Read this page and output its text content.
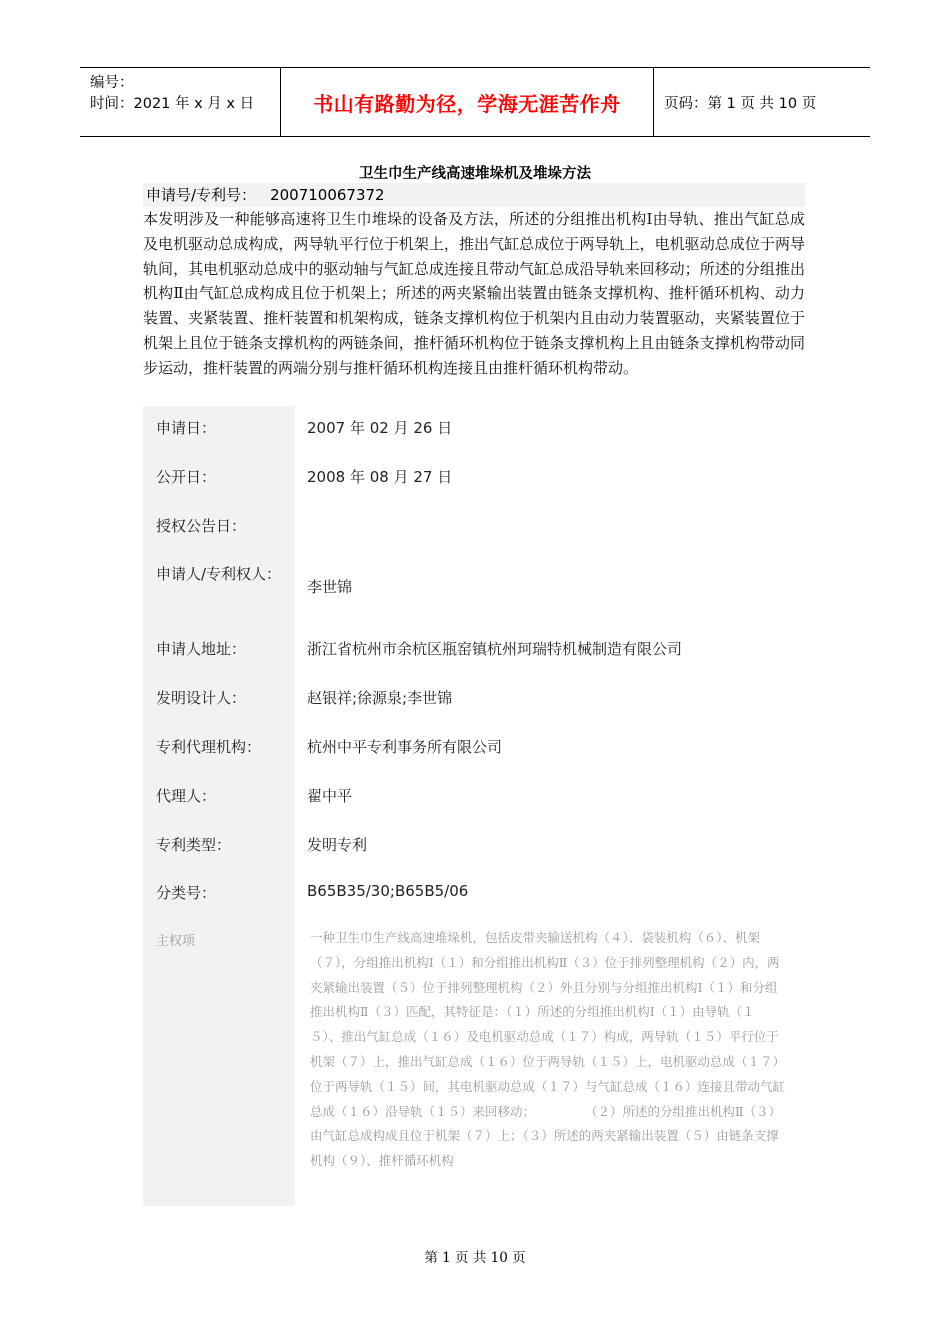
编号：
时间：2021 年 x 月 x 日	书山有路勤为径，学海无涯苦作舟	页码：第 1 页 共 10 页
卫生巾生产线高速堆垛机及堆垛方法
申请号/专利号： 200710067372
本发明涉及一种能够高速将卫生巾堆垛的设备及方法，所述的分组推出机构Ⅰ由导轨、推出气缸总成及电机驱动总成构成，两导轨平行位于机架上，推出气缸总成位于两导轨上，电机驱动总成位于两导轨间，其电机驱动总成中的驱动轴与气缸总成连接且带动气缸总成沿导轨来回移动；所述的分组推出机构Ⅱ由气缸总成构成且位于机架上；所述的两夹紧输出装置由链条支撑机构、推杆循环机构、动力装置、夹紧装置、推杆装置和机架构成，链条支撑机构位于机架内且由动力装置驱动，夹紧装置位于机架上且位于链条支撑机构的两链条间，推杆循环机构位于链条支撑机构上且由链条支撑机构带动同步运动，推杆装置的两端分别与推杆循环机构连接且由推杆循环机构带动。
申请日：	2007 年 02 月 26 日
公开日：	2008 年 08 月 27 日
授权公告日：
申请人/专利权人：
李世锦
申请人地址：	浙江省杭州市余杭区瓶窑镇杭州珂瑞特机械制造有限公司
发明设计人：	赵银祥;徐源泉;李世锦
专利代理机构：	杭州中平专利事务所有限公司
代理人：	翟中平
专利类型：	发明专利
分类号：	B65B35/30;B65B5/06
主权项	一种卫生巾生产线高速堆垛机，包括皮带夹输送机构（４）、袋装机构（６）、机架（７），分组推出机构Ⅰ（１）和分组推出机构Ⅱ（３）位于排列整理机构（２）内，两夹紧输出装置（５）位于排列整理机构（２）外且分别与分组推出机构Ⅰ（１）和分组推出机构Ⅱ（３）匹配，其特征是：（１）所述的分组推出机构Ⅰ（１）由导轨（１５）、推出气缸总成（１６）及电机驱动总成（１７）构成，两导轨（１５）平行位于机架（７）上，推出气缸总成（１６）位于两导轨（１５）上，电机驱动总成（１７）位于两导轨（１５）间，其电机驱动总成（１７）与气缸总成（１６）连接且带动气缸总成（１６）沿导轨（１５）来回移动；　　　　　（２）所述的分组推出机构Ⅱ（３）由气缸总成构成且位于机架（７）上；（３）所述的两夹紧输出装置（５）由链条支撑机构（９）、推杆循环机构
第 1 页 共 10 页
